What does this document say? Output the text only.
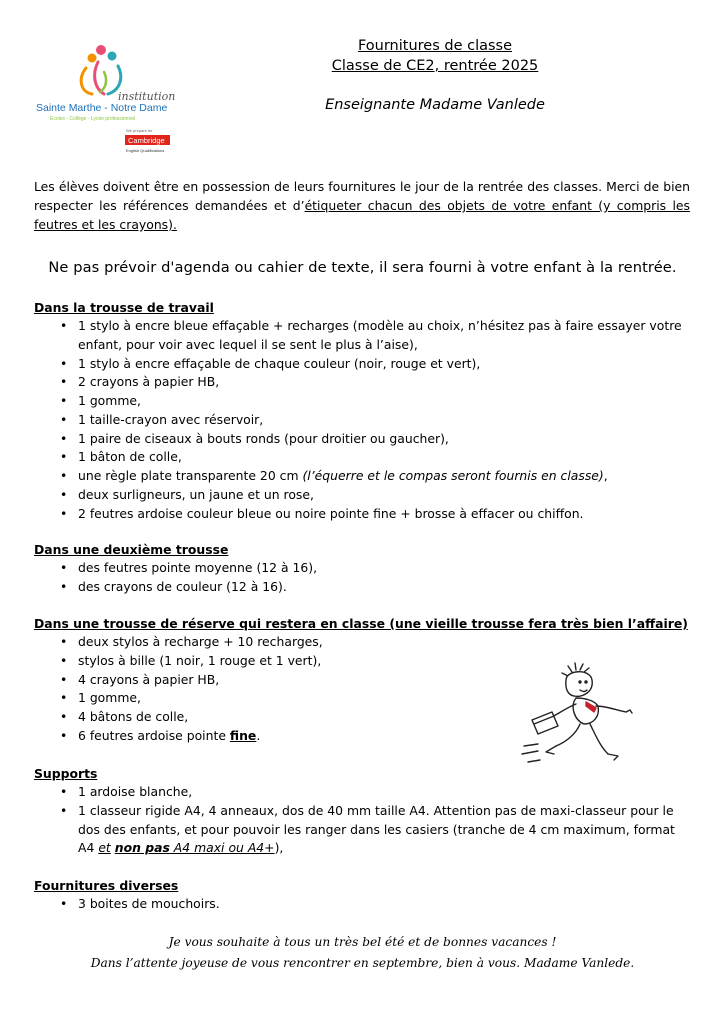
institution
Sainte Marthe - Notre Dame
Ecoles - Collège - Lycée professionnel
We prepare for
Cambridge
English Qualifications
Fournitures de classe
Classe de CE2, rentrée 2025
Enseignante Madame Vanlede
Les élèves doivent être en possession de leurs fournitures le jour de la rentrée des classes. Merci de bien respecter les références demandées et d’étiqueter chacun des objets de votre enfant (y compris les feutres et les crayons).
Ne pas prévoir d'agenda ou cahier de texte, il sera fourni à votre enfant à la rentrée.
Dans la trousse de travail
• 1 stylo à encre bleue effaçable + recharges (modèle au choix, n’hésitez pas à faire essayer votre enfant, pour voir avec lequel il se sent le plus à l’aise),
• 1 stylo à encre effaçable de chaque couleur (noir, rouge et vert),
• 2 crayons à papier HB,
• 1 gomme,
• 1 taille-crayon avec réservoir,
• 1 paire de ciseaux à bouts ronds (pour droitier ou gaucher),
• 1 bâton de colle,
• une règle plate transparente 20 cm (l’équerre et le compas seront fournis en classe),
• deux surligneurs, un jaune et un rose,
• 2 feutres ardoise couleur bleue ou noire pointe fine + brosse à effacer ou chiffon.
Dans une deuxième trousse
• des feutres pointe moyenne (12 à 16),
• des crayons de couleur (12 à 16).
Dans une trousse de réserve qui restera en classe (une vieille trousse fera très bien l’affaire)
• deux stylos à recharge + 10 recharges,
• stylos à bille (1 noir, 1 rouge et 1 vert),
• 4 crayons à papier HB,
• 1 gomme,
• 4 bâtons de colle,
• 6 feutres ardoise pointe fine.
Supports
• 1 ardoise blanche,
• 1 classeur rigide A4, 4 anneaux, dos de 40 mm taille A4. Attention pas de maxi-classeur pour le dos des enfants, et pour pouvoir les ranger dans les casiers (tranche de 4 cm maximum, format A4 et non pas A4 maxi ou A4+),
Fournitures diverses
• 3 boites de mouchoirs.
Je vous souhaite à tous un très bel été et de bonnes vacances !
Dans l’attente joyeuse de vous rencontrer en septembre, bien à vous. Madame Vanlede.
